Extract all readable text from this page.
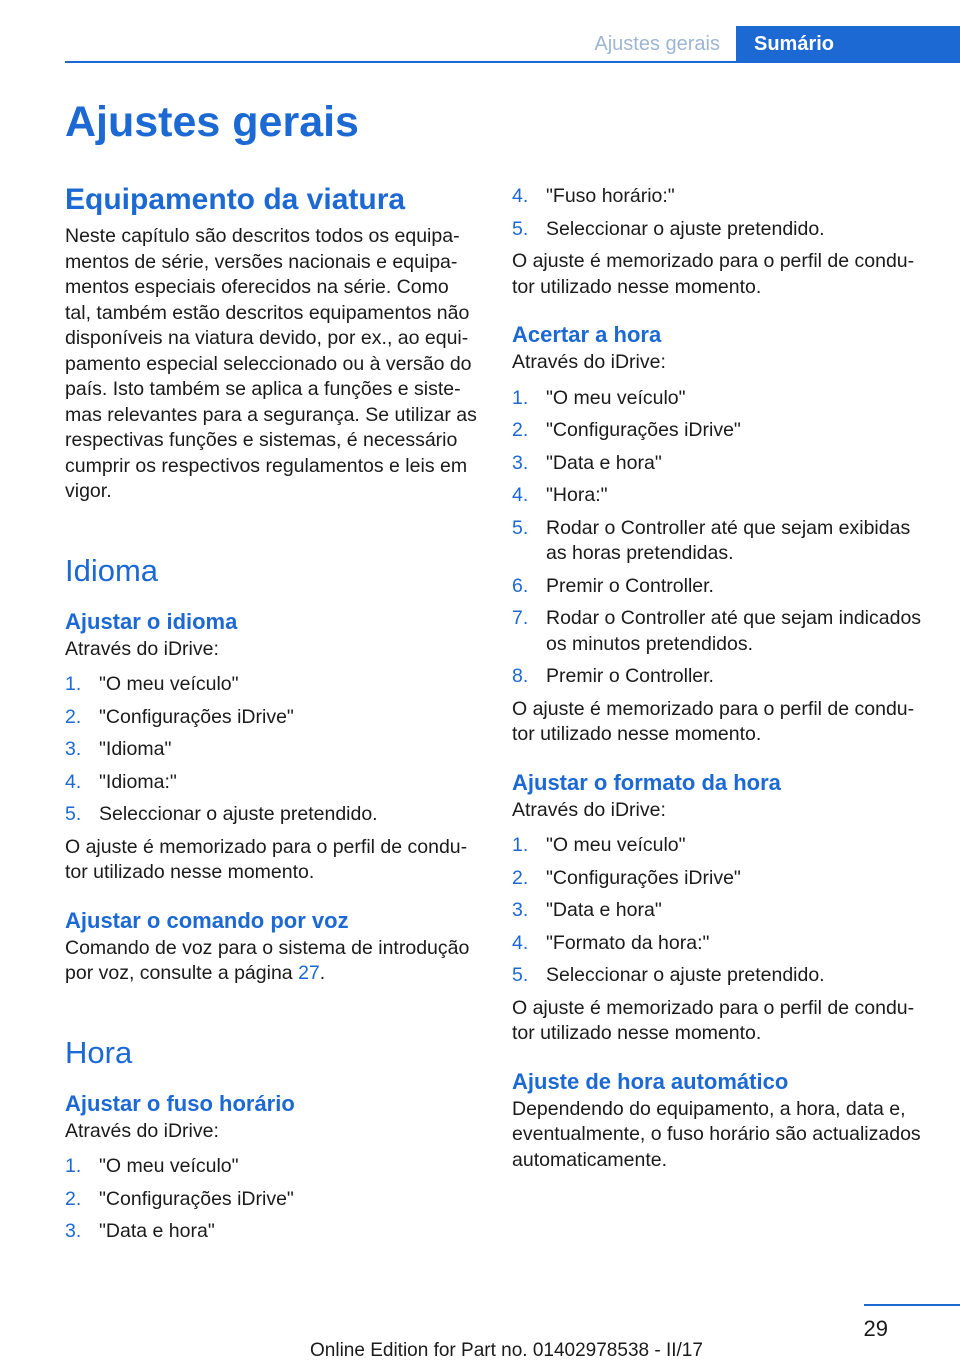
Ajustes gerais	Sumário
Ajustes gerais
Equipamento da viatura

Neste capítulo são descritos todos os equipa‐mentos de série, versões nacionais e equipa‐mentos especiais oferecidos na série. Como tal, também estão descritos equipamentos não disponíveis na viatura devido, por ex., ao equi‐pamento especial seleccionado ou à versão do país. Isto também se aplica a funções e siste‐mas relevantes para a segurança. Se utilizar as respectivas funções e sistemas, é necessário cumprir os respectivos regulamentos e leis em vigor.

Idioma
Ajustar o idioma

Através do iDrive:

1. "O meu veículo"
2. "Configurações iDrive"
3. "Idioma"
4. "Idioma:"
5. Seleccionar o ajuste pretendido.

O ajuste é memorizado para o perfil de condu‐tor utilizado nesse momento.

Ajustar o comando por voz

Comando de voz para o sistema de introdução por voz, consulte a página 27.

Hora
Ajustar o fuso horário

Através do iDrive:

1. "O meu veículo"
2. "Configurações iDrive"
3. "Data e hora"
4. "Fuso horário:"
5. Seleccionar o ajuste pretendido.

O ajuste é memorizado para o perfil de condu‐tor utilizado nesse momento.

Acertar a hora

Através do iDrive:

1. "O meu veículo"
2. "Configurações iDrive"
3. "Data e hora"
4. "Hora:"
5. Rodar o Controller até que sejam exibidas as horas pretendidas.
6. Premir o Controller.
7. Rodar o Controller até que sejam indicados os minutos pretendidos.
8. Premir o Controller.

O ajuste é memorizado para o perfil de condu‐tor utilizado nesse momento.

Ajustar o formato da hora

Através do iDrive:

1. "O meu veículo"
2. "Configurações iDrive"
3. "Data e hora"
4. "Formato da hora:"
5. Seleccionar o ajuste pretendido.

O ajuste é memorizado para o perfil de condu‐tor utilizado nesse momento.

Ajuste de hora automático

Dependendo do equipamento, a hora, data e, eventualmente, o fuso horário são actualizados automaticamente.

29
Online Edition for Part no. 01402978538 - II/17
